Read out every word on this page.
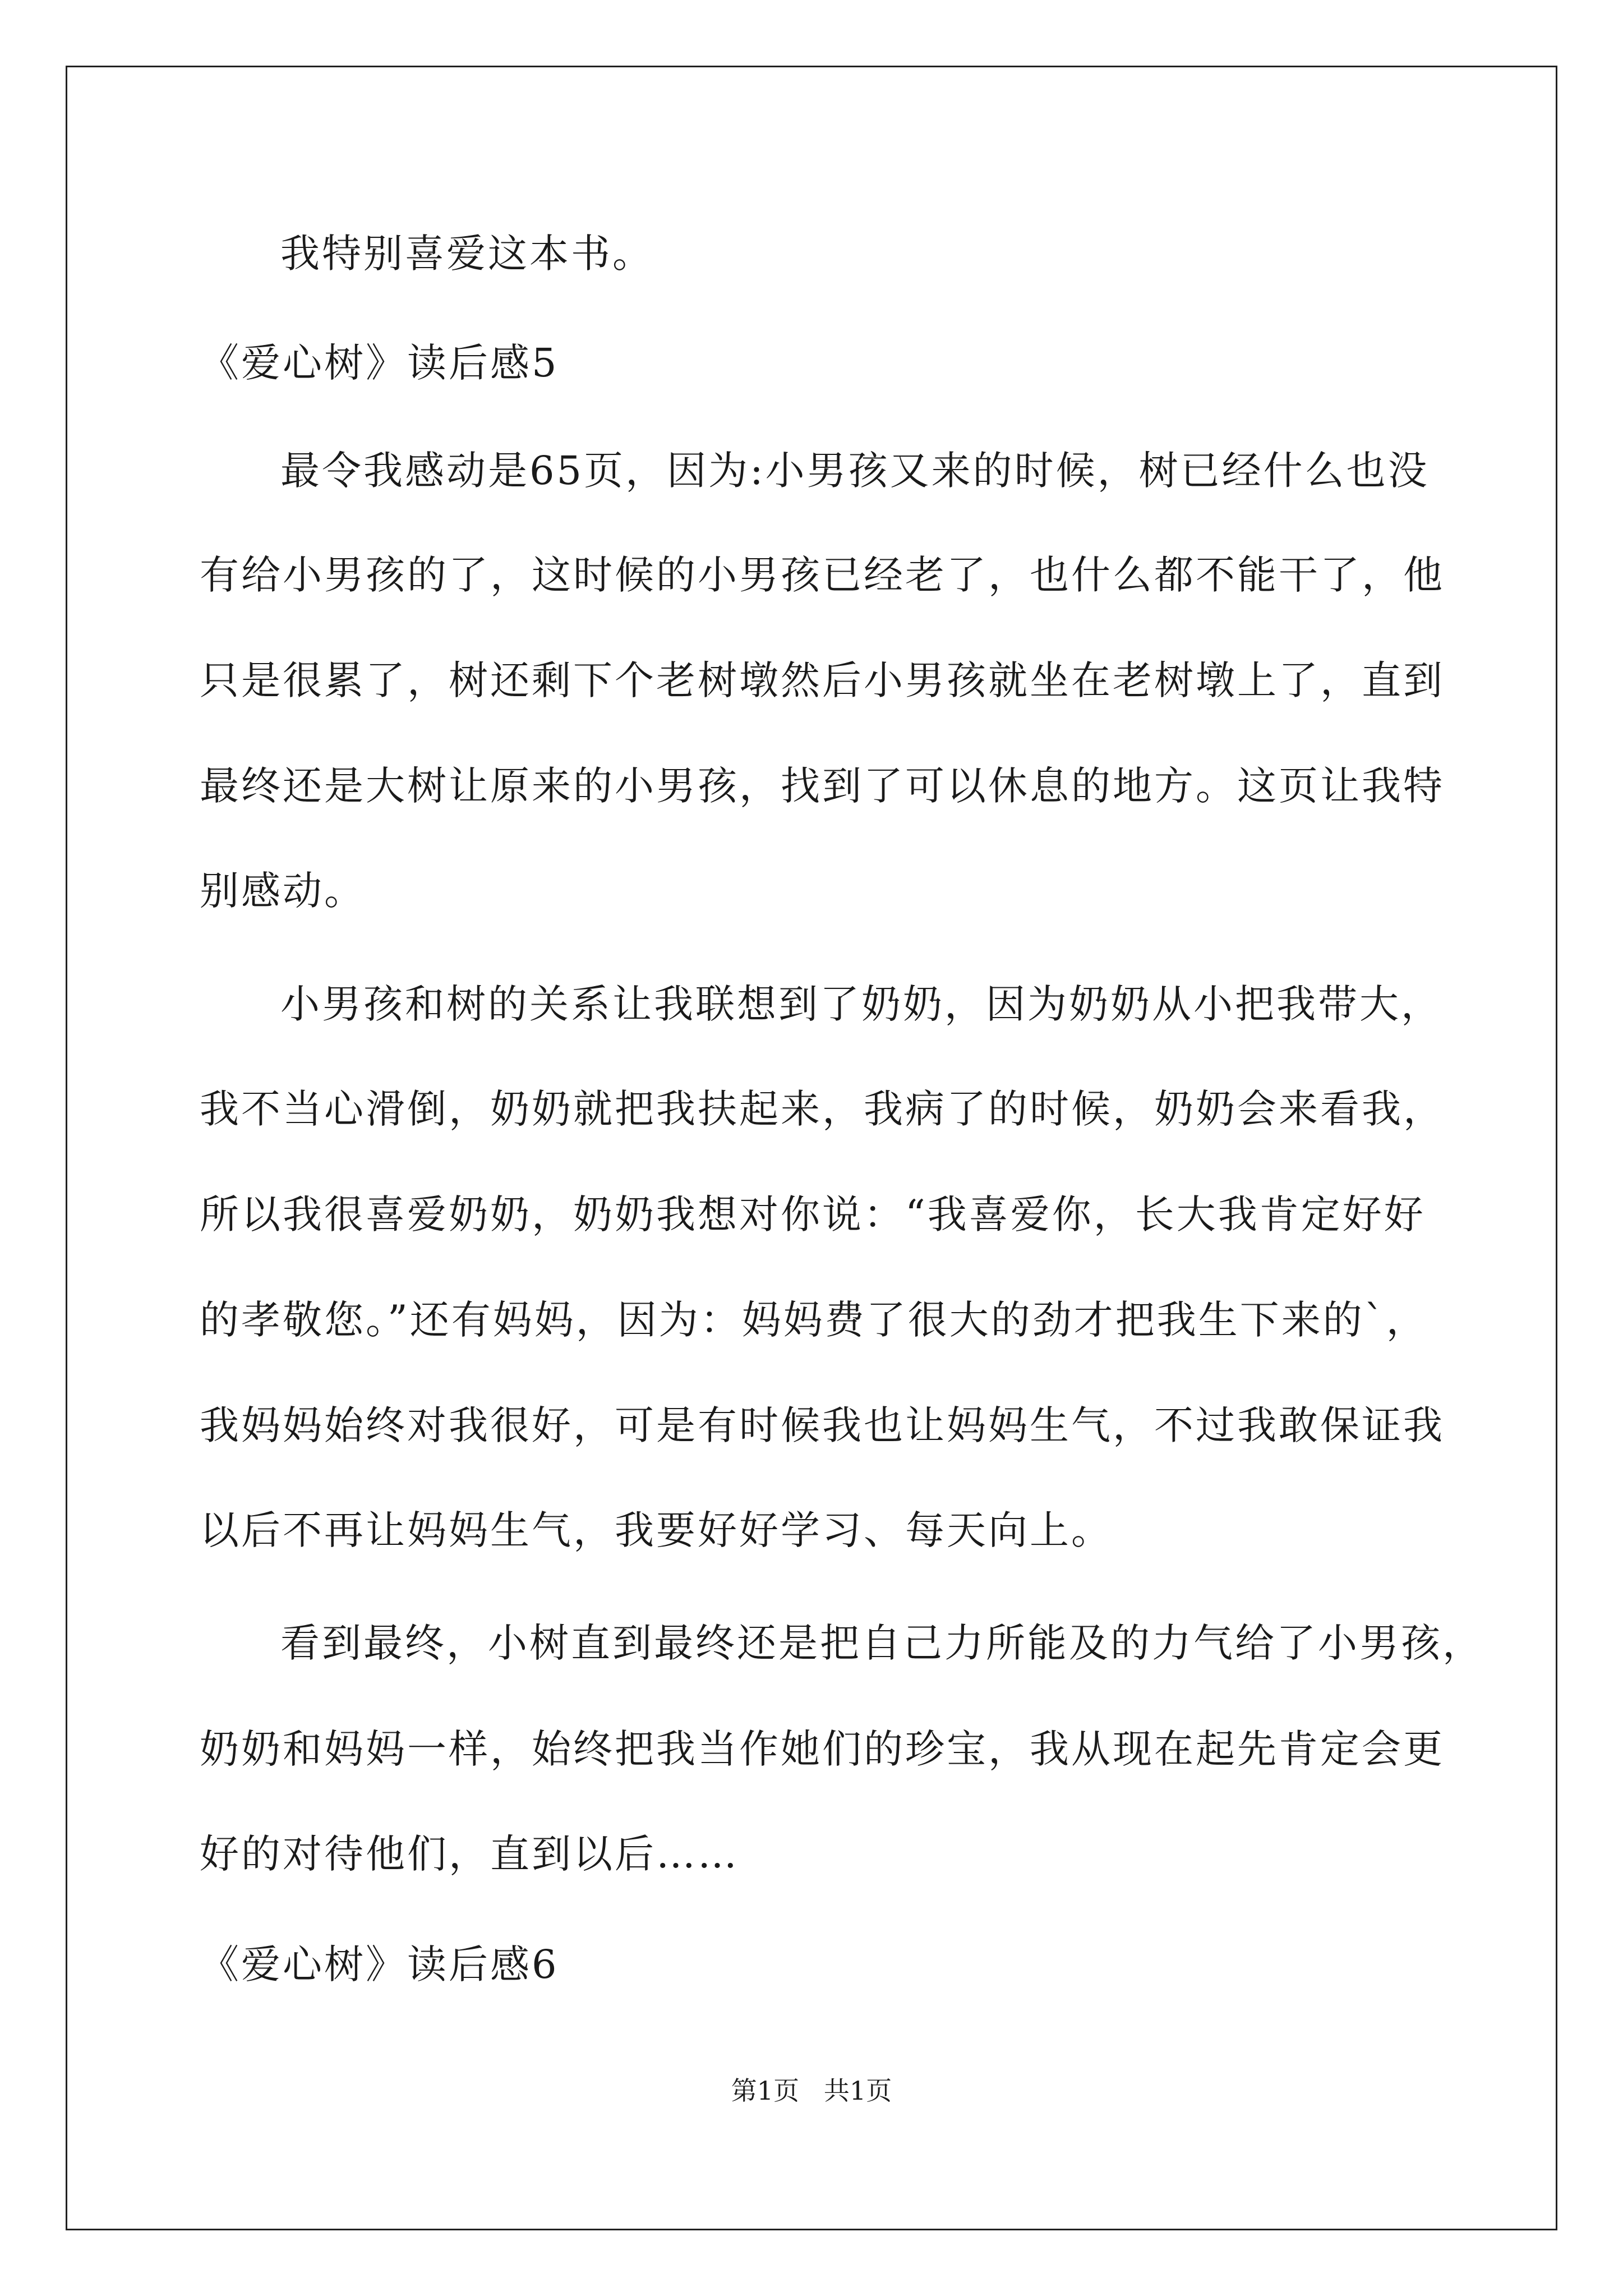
我特别喜爱这本书。
《爱心树》读后感5
最令我感动是65页，因为:小男孩又来的时候，树已经什么也没
有给小男孩的了，这时候的小男孩已经老了，也什么都不能干了，他
只是很累了，树还剩下个老树墩然后小男孩就坐在老树墩上了，直到
最终还是大树让原来的小男孩，找到了可以休息的地方。这页让我特
别感动。
小男孩和树的关系让我联想到了奶奶，因为奶奶从小把我带大，
我不当心滑倒，奶奶就把我扶起来，我病了的时候，奶奶会来看我，
所以我很喜爱奶奶，奶奶我想对你说：“我喜爱你，长大我肯定好好
的孝敬您。”还有妈妈，因为：妈妈费了很大的劲才把我生下来的`，
我妈妈始终对我很好，可是有时候我也让妈妈生气，不过我敢保证我
以后不再让妈妈生气，我要好好学习、每天向上。
看到最终，小树直到最终还是把自己力所能及的力气给了小男孩，
奶奶和妈妈一样，始终把我当作她们的珍宝，我从现在起先肯定会更
好的对待他们，直到以后……
《爱心树》读后感6
第1页   共1页
